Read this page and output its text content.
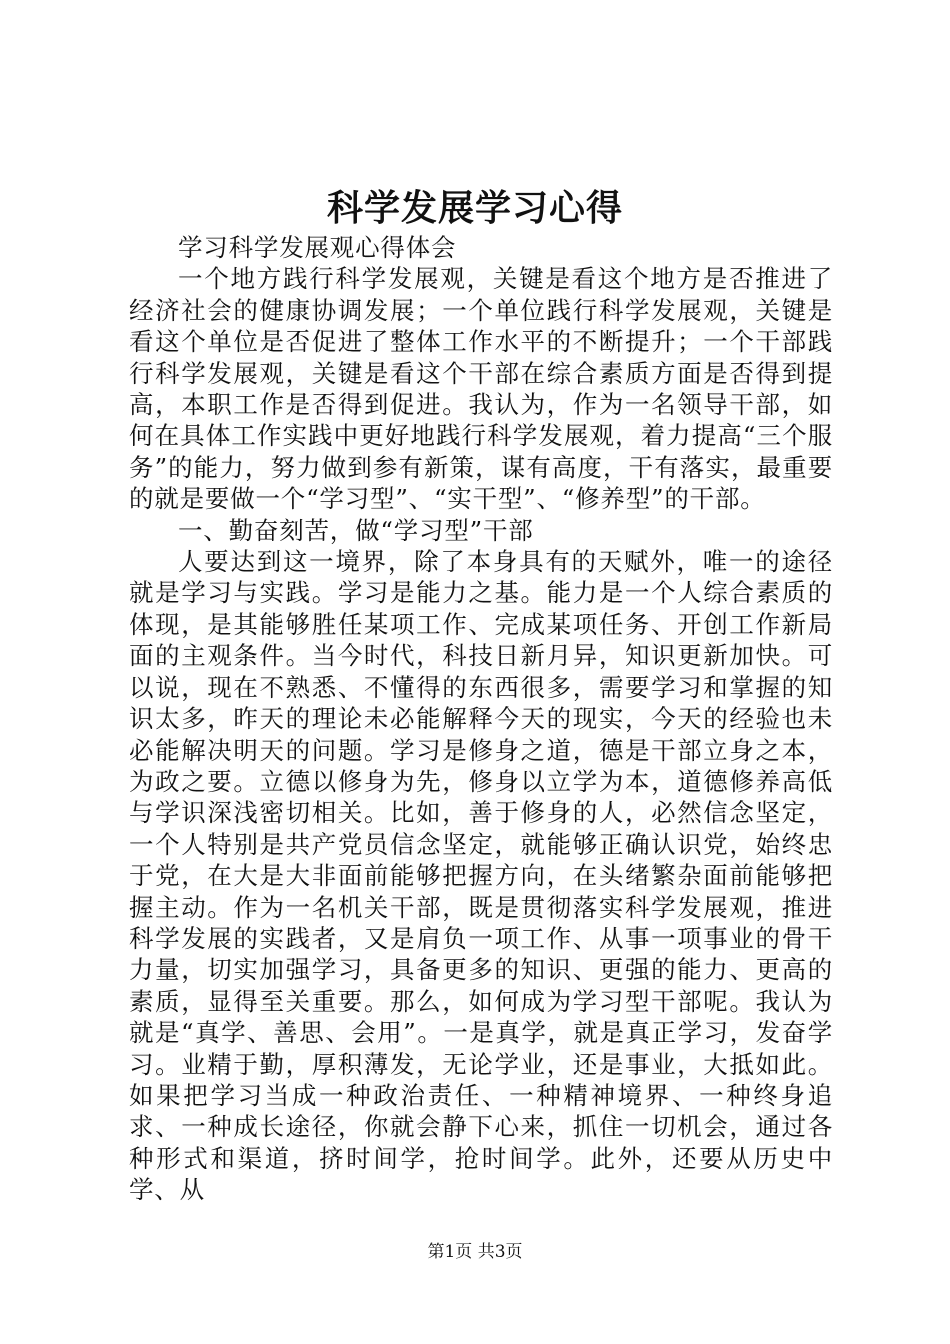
科学发展学习心得

学习科学发展观心得体会

一个地方践行科学发展观，关键是看这个地方是否推进了经济社会的健康协调发展；一个单位践行科学发展观，关键是看这个单位是否促进了整体工作水平的不断提升；一个干部践行科学发展观，关键是看这个干部在综合素质方面是否得到提高，本职工作是否得到促进。我认为，作为一名领导干部，如何在具体工作实践中更好地践行科学发展观，着力提高“三个服务”的能力，努力做到参有新策，谋有高度，干有落实，最重要的就是要做一个“学习型”、“实干型”、“修养型”的干部。

一、勤奋刻苦，做“学习型”干部

人要达到这一境界，除了本身具有的天赋外，唯一的途径就是学习与实践。学习是能力之基。能力是一个人综合素质的体现，是其能够胜任某项工作、完成某项任务、开创工作新局面的主观条件。当今时代，科技日新月异，知识更新加快。可以说，现在不熟悉、不懂得的东西很多，需要学习和掌握的知识太多，昨天的理论未必能解释今天的现实，今天的经验也未必能解决明天的问题。学习是修身之道，德是干部立身之本，为政之要。立德以修身为先，修身以立学为本，道德修养高低与学识深浅密切相关。比如，善于修身的人，必然信念坚定，一个人特别是共产党员信念坚定，就能够正确认识党，始终忠于党，在大是大非面前能够把握方向，在头绪繁杂面前能够把握主动。作为一名机关干部，既是贯彻落实科学发展观，推进科学发展的实践者，又是肩负一项工作、从事一项事业的骨干力量，切实加强学习，具备更多的知识、更强的能力、更高的素质，显得至关重要。那么，如何成为学习型干部呢。我认为就是“真学、善思、会用”。一是真学，就是真正学习，发奋学习。业精于勤，厚积薄发，无论学业，还是事业，大抵如此。如果把学习当成一种政治责任、一种精神境界、一种终身追求、一种成长途径，你就会静下心来，抓住一切机会，通过各种形式和渠道，挤时间学，抢时间学。此外，还要从历史中学、从

第1页 共3页
